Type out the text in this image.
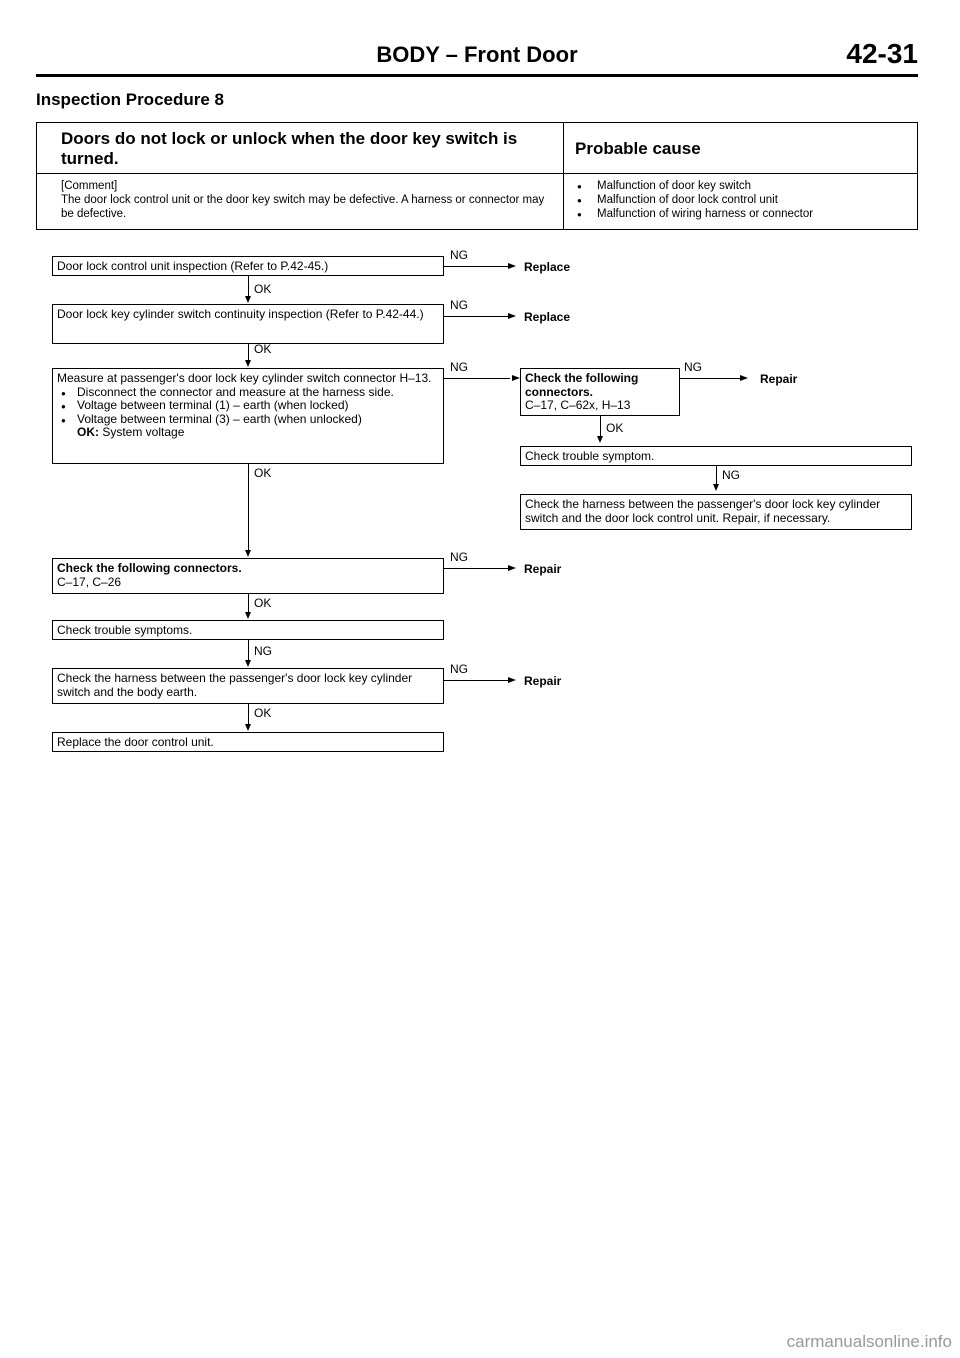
BODY – Front Door	42-31
Inspection Procedure 8
Doors do not lock or unlock when the door key switch is turned.
Probable cause
[Comment]
The door lock control unit or the door key switch may be defective. A harness or connector may be defective.
● Malfunction of door key switch
● Malfunction of door lock control unit
● Malfunction of wiring harness or connector
Door lock control unit inspection (Refer to P.42-45.)
NG
Replace
OK
Door lock key cylinder switch continuity inspection (Refer to P.42-44.)
NG
Replace
OK
Measure at passenger's door lock key cylinder switch connector H–13.
● Disconnect the connector and measure at the harness side.
● Voltage between terminal (1) – earth (when locked)
● Voltage between terminal (3) – earth (when unlocked)
OK: System voltage
NG
Check the following connectors.
C–17, C–62x, H–13
NG
Repair
OK
Check trouble symptom.
NG
Check the harness between the passenger's door lock key cylinder switch and the door lock control unit. Repair, if necessary.
OK
Check the following connectors.
C–17, C–26
NG
Repair
OK
Check trouble symptoms.
NG
Check the harness between the passenger's door lock key cylinder switch and the body earth.
NG
Repair
OK
Replace the door control unit.
carmanualsonline.info
